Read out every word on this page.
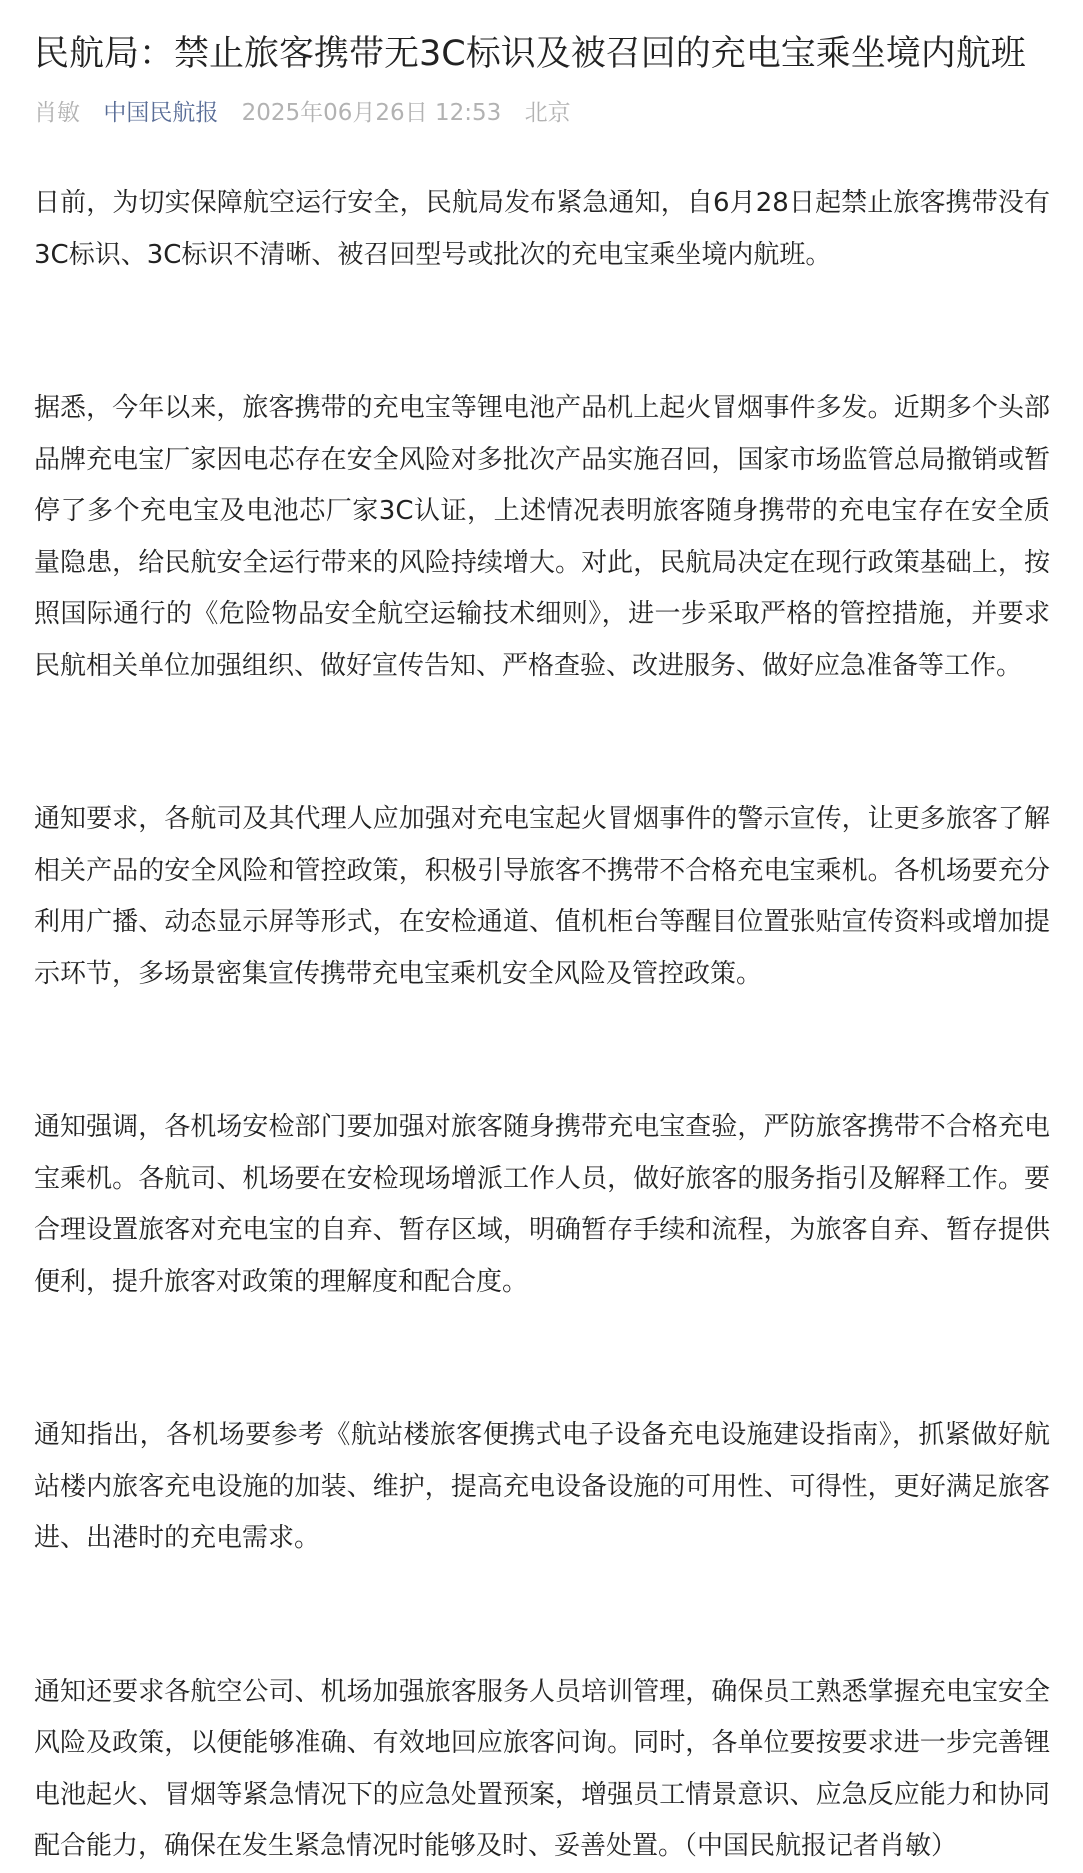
民航局：禁止旅客携带无3C标识及被召回的充电宝乘坐境内航班
肖敏 中国民航报 2025年06月26日 12:53 北京

日前，为切实保障航空运行安全，民航局发布紧急通知，自6月28日起禁止旅客携带没有3C标识、3C标识不清晰、被召回型号或批次的充电宝乘坐境内航班。

据悉，今年以来，旅客携带的充电宝等锂电池产品机上起火冒烟事件多发。近期多个头部品牌充电宝厂家因电芯存在安全风险对多批次产品实施召回，国家市场监管总局撤销或暂停了多个充电宝及电池芯厂家3C认证，上述情况表明旅客随身携带的充电宝存在安全质量隐患，给民航安全运行带来的风险持续增大。对此，民航局决定在现行政策基础上，按照国际通行的《危险物品安全航空运输技术细则》，进一步采取严格的管控措施，并要求民航相关单位加强组织、做好宣传告知、严格查验、改进服务、做好应急准备等工作。

通知要求，各航司及其代理人应加强对充电宝起火冒烟事件的警示宣传，让更多旅客了解相关产品的安全风险和管控政策，积极引导旅客不携带不合格充电宝乘机。各机场要充分利用广播、动态显示屏等形式，在安检通道、值机柜台等醒目位置张贴宣传资料或增加提示环节，多场景密集宣传携带充电宝乘机安全风险及管控政策。

通知强调，各机场安检部门要加强对旅客随身携带充电宝查验，严防旅客携带不合格充电宝乘机。各航司、机场要在安检现场增派工作人员，做好旅客的服务指引及解释工作。要合理设置旅客对充电宝的自弃、暂存区域，明确暂存手续和流程，为旅客自弃、暂存提供便利，提升旅客对政策的理解度和配合度。

通知指出，各机场要参考《航站楼旅客便携式电子设备充电设施建设指南》，抓紧做好航站楼内旅客充电设施的加装、维护，提高充电设备设施的可用性、可得性，更好满足旅客进、出港时的充电需求。

通知还要求各航空公司、机场加强旅客服务人员培训管理，确保员工熟悉掌握充电宝安全风险及政策，以便能够准确、有效地回应旅客问询。同时，各单位要按要求进一步完善锂电池起火、冒烟等紧急情况下的应急处置预案，增强员工情景意识、应急反应能力和协同配合能力，确保在发生紧急情况时能够及时、妥善处置。（中国民航报记者肖敏）
